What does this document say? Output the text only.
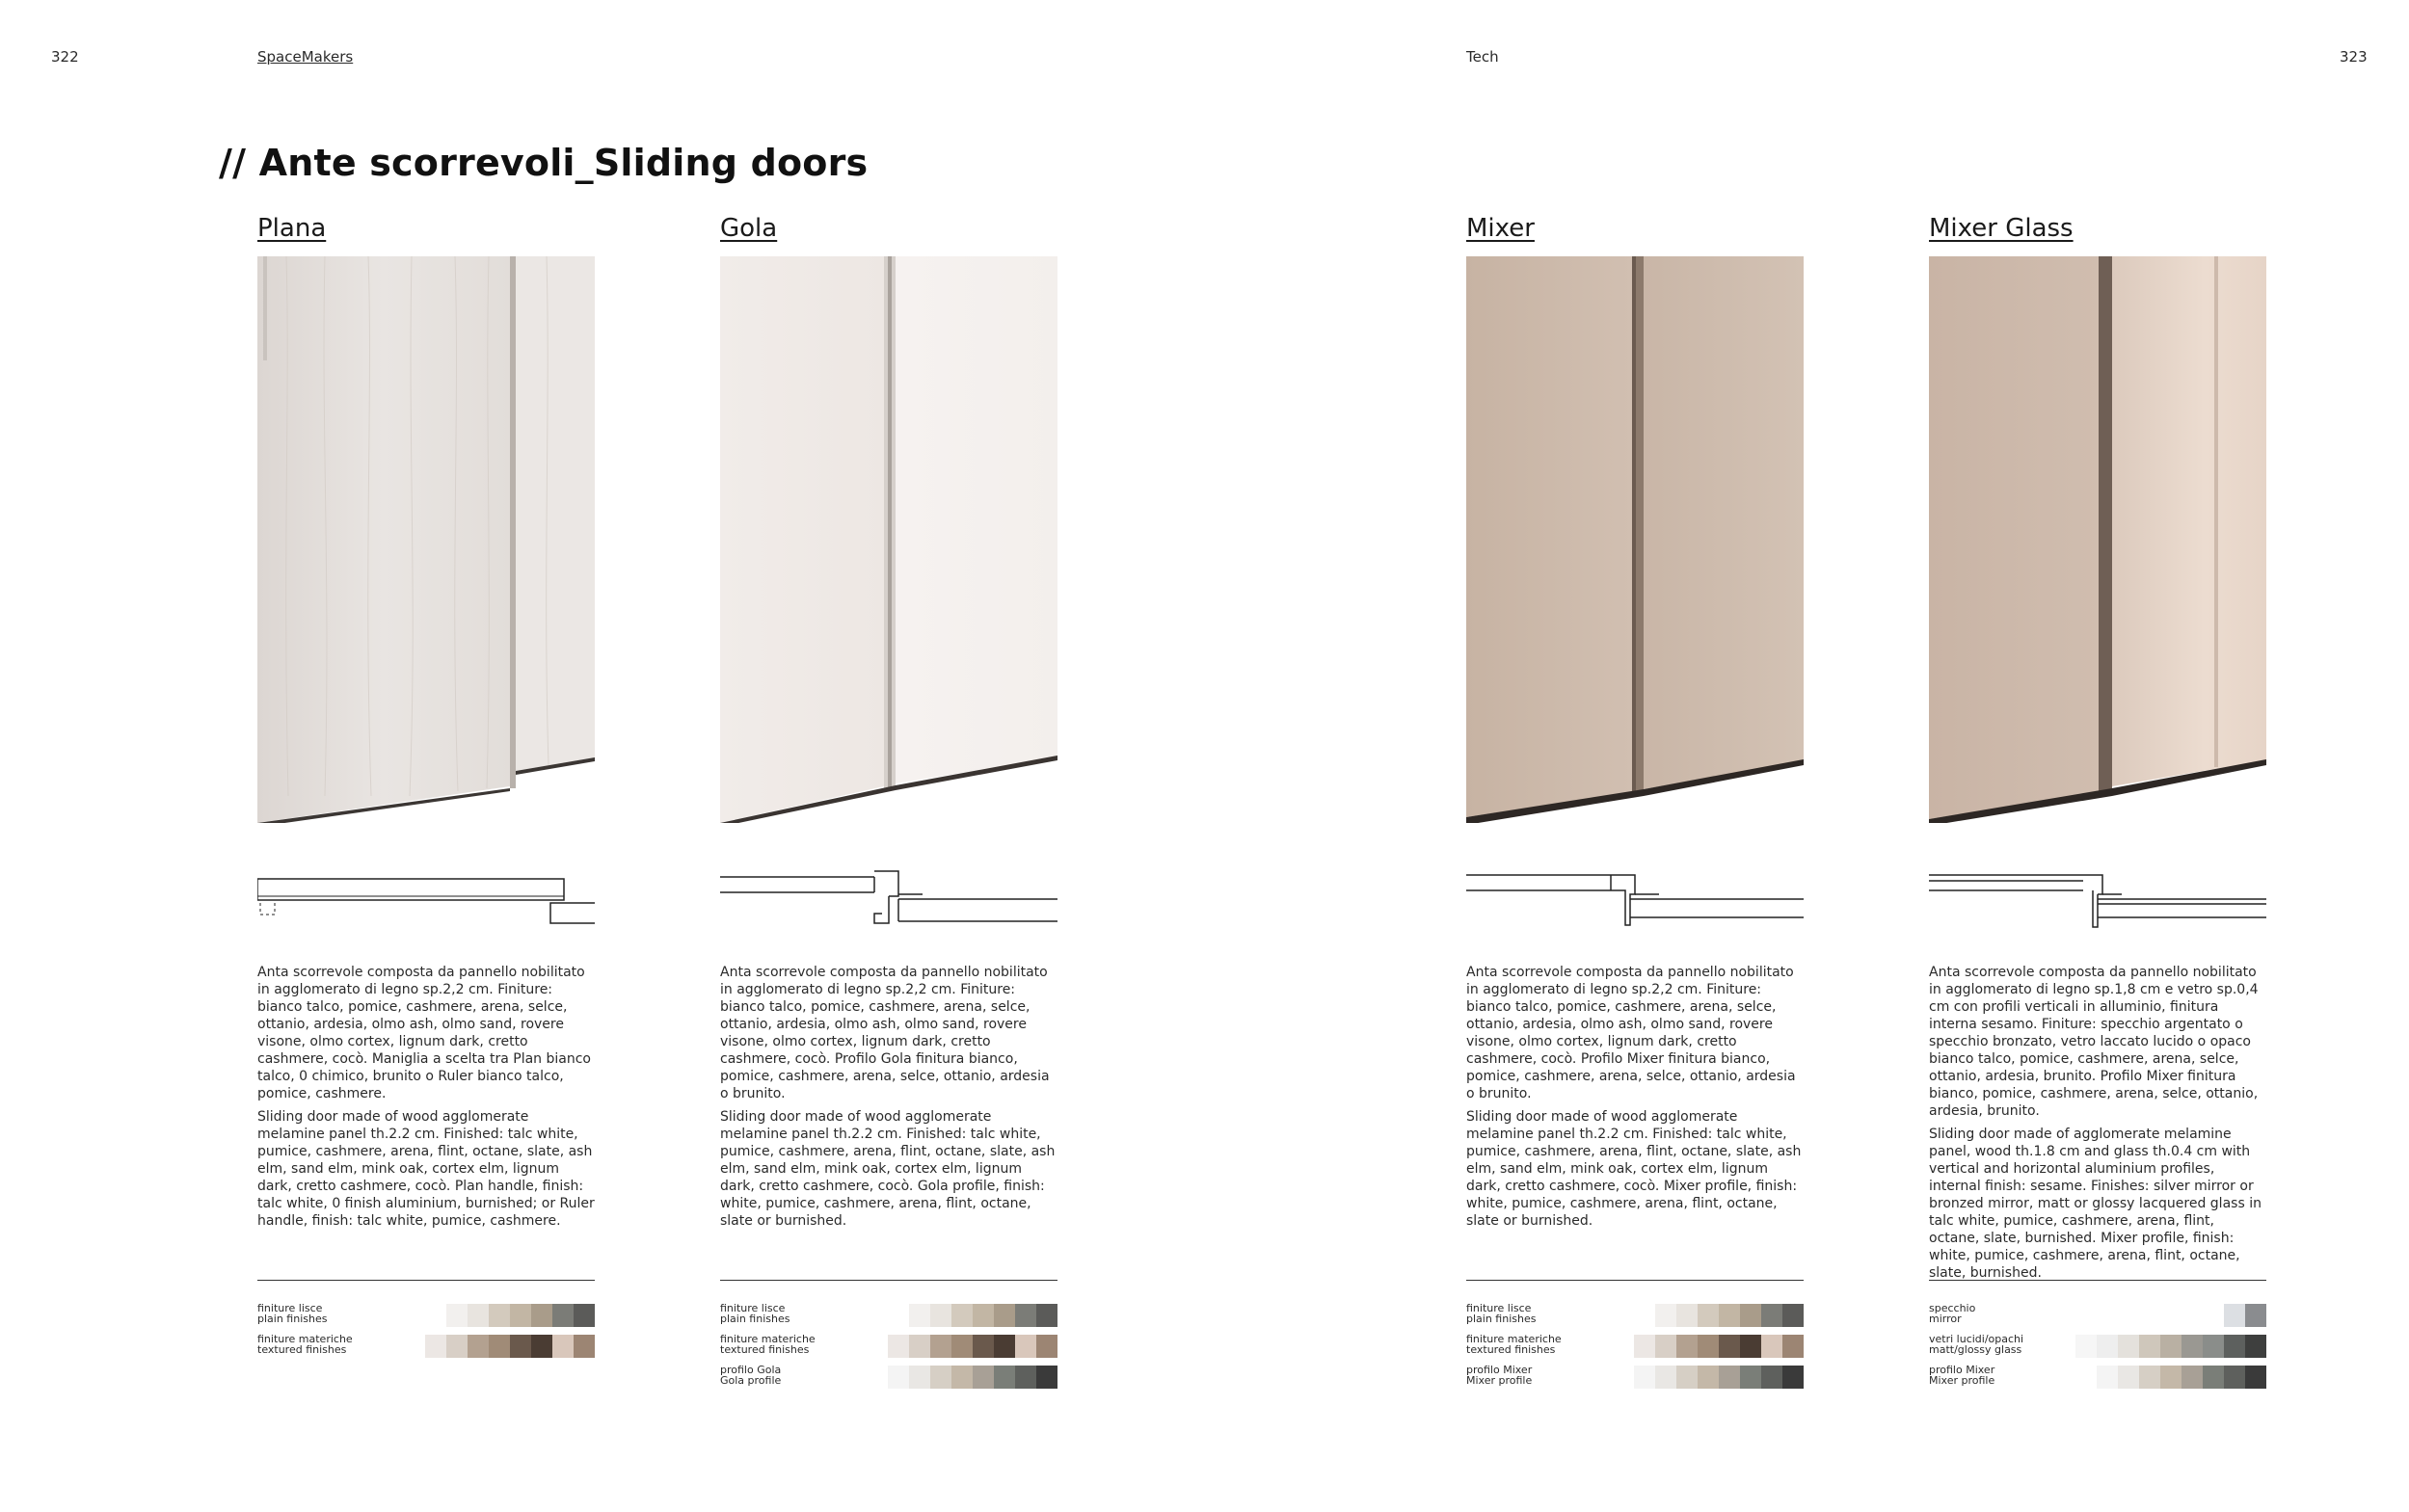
322	SpaceMakers	Tech	323
// Ante scorrevoli_Sliding doors
Plana

Anta scorrevole composta da pannello nobilitato in agglomerato di legno sp.2,2 cm. Finiture: bianco talco, pomice, cashmere, arena, selce, ottanio, ardesia, olmo ash, olmo sand, rovere visone, olmo cortex, lignum dark, cretto cashmere, cocò. Maniglia a scelta tra Plan bianco talco, 0 chimico, brunito o Ruler bianco talco, pomice, cashmere.

Sliding door made of wood agglomerate melamine panel th.2.2 cm. Finished: talc white, pumice, cashmere, arena, flint, octane, slate, ash elm, sand elm, mink oak, cortex elm, lignum dark, cretto cashmere, cocò. Plan handle, finish: talc white, 0 finish aluminium, burnished; or Ruler handle, finish: talc white, pumice, cashmere.

finiture lisce
plain finishes
finiture materiche
textured finishes
Gola

Anta scorrevole composta da pannello nobilitato in agglomerato di legno sp.2,2 cm. Finiture: bianco talco, pomice, cashmere, arena, selce, ottanio, ardesia, olmo ash, olmo sand, rovere visone, olmo cortex, lignum dark, cretto cashmere, cocò. Profilo Gola finitura bianco, pomice, cashmere, arena, selce, ottanio, ardesia o brunito.

Sliding door made of wood agglomerate melamine panel th.2.2 cm. Finished: talc white, pumice, cashmere, arena, flint, octane, slate, ash elm, sand elm, mink oak, cortex elm, lignum dark, cretto cashmere, cocò. Gola profile, finish: white, pumice, cashmere, arena, flint, octane, slate or burnished.

finiture lisce
plain finishes
finiture materiche
textured finishes
profilo Gola
Gola profile
Mixer

Anta scorrevole composta da pannello nobilitato in agglomerato di legno sp.2,2 cm. Finiture: bianco talco, pomice, cashmere, arena, selce, ottanio, ardesia, olmo ash, olmo sand, rovere visone, olmo cortex, lignum dark, cretto cashmere, cocò. Profilo Mixer finitura bianco, pomice, cashmere, arena, selce, ottanio, ardesia o brunito.

Sliding door made of wood agglomerate melamine panel th.2.2 cm. Finished: talc white, pumice, cashmere, arena, flint, octane, slate, ash elm, sand elm, mink oak, cortex elm, lignum dark, cretto cashmere, cocò. Mixer profile, finish: white, pumice, cashmere, arena, flint, octane, slate or burnished.

finiture lisce
plain finishes
finiture materiche
textured finishes
profilo Mixer
Mixer profile
Mixer Glass

Anta scorrevole composta da pannello nobilitato in agglomerato di legno sp.1,8 cm e vetro sp.0,4 cm con profili verticali in alluminio, finitura interna sesamo. Finiture: specchio argentato o specchio bronzato, vetro laccato lucido o opaco bianco talco, pomice, cashmere, arena, selce, ottanio, ardesia, brunito. Profilo Mixer finitura bianco, pomice, cashmere, arena, selce, ottanio, ardesia, brunito.

Sliding door made of agglomerate melamine panel, wood th.1.8 cm and glass th.0.4 cm with vertical and horizontal aluminium profiles, internal finish: sesame. Finishes: silver mirror or bronzed mirror, matt or glossy lacquered glass in talc white, pumice, cashmere, arena, flint, octane, slate, burnished. Mixer profile, finish: white, pumice, cashmere, arena, flint, octane, slate, burnished.

specchio
mirror
vetri lucidi/opachi
matt/glossy glass
profilo Mixer
Mixer profile
